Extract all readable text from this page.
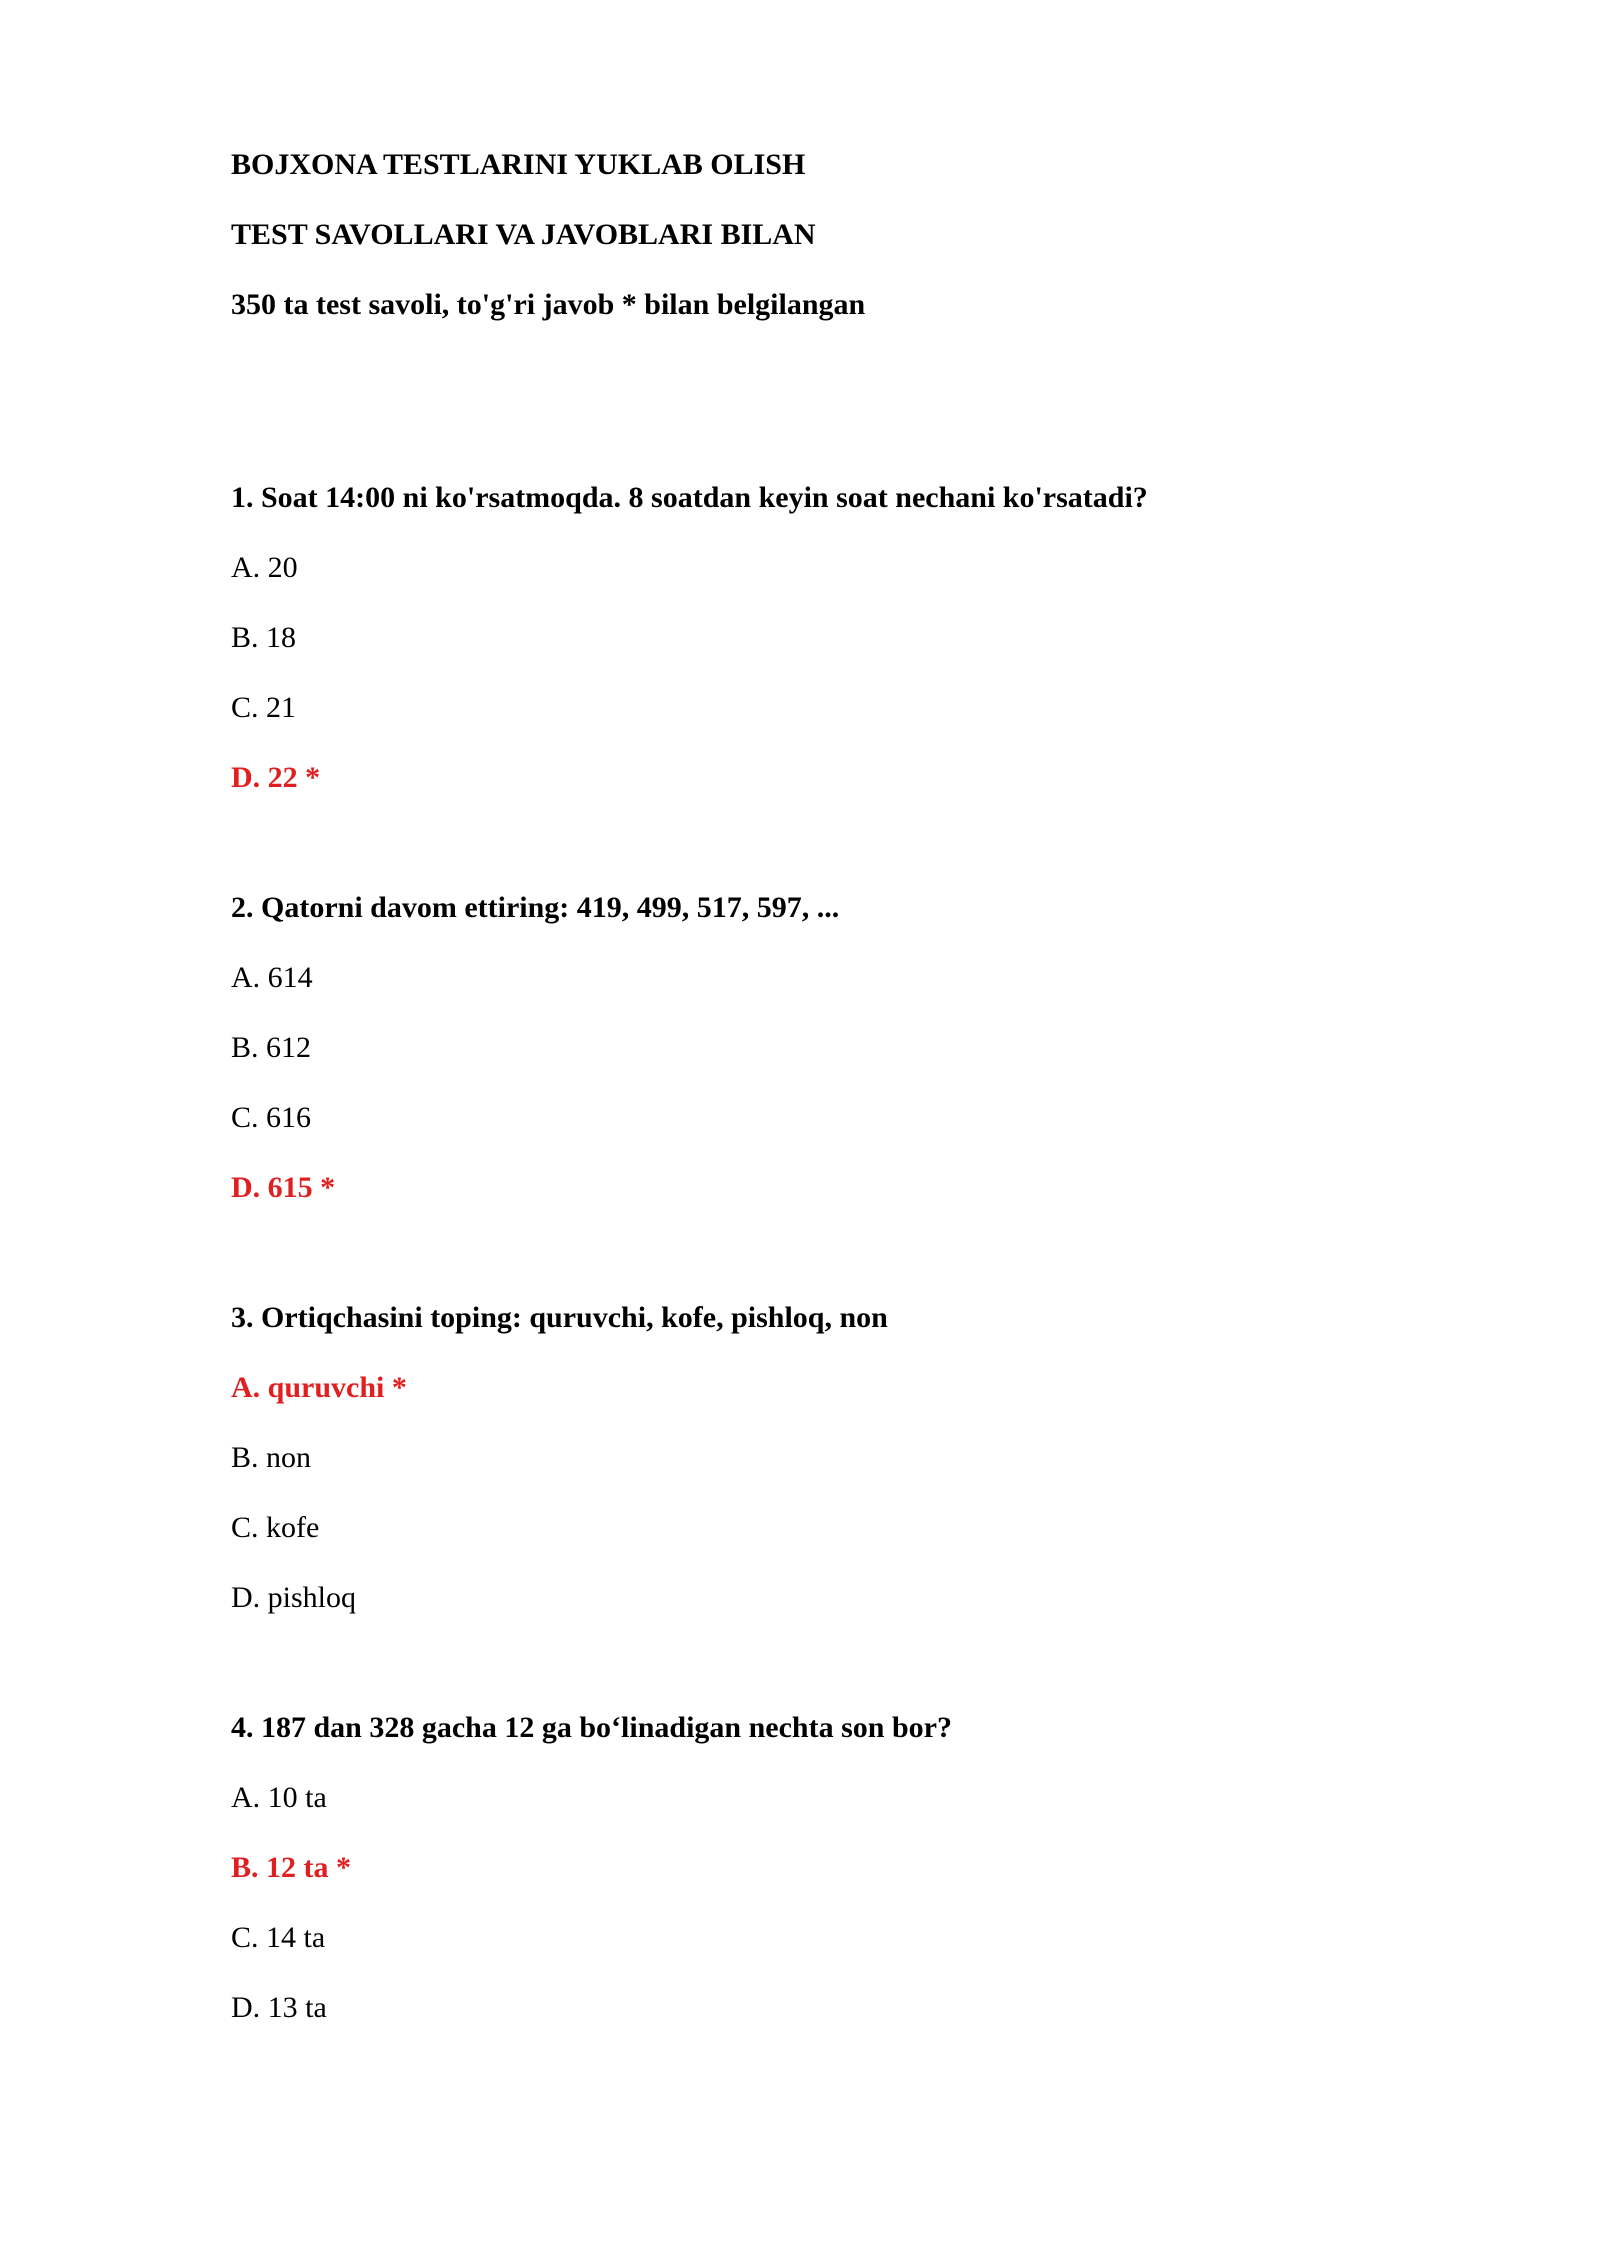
BOJXONA TESTLARINI YUKLAB OLISH

TEST SAVOLLARI VA JAVOBLARI BILAN

350 ta test savoli, to'g'ri javob * bilan belgilangan

1. Soat 14:00 ni ko'rsatmoqda. 8 soatdan keyin soat nechani ko'rsatadi?

A. 20

B. 18

C. 21

D. 22 *

2. Qatorni davom ettiring: 419, 499, 517, 597, ...

A. 614

B. 612

C. 616

D. 615 *

3. Ortiqchasini toping: quruvchi, kofe, pishloq, non

A. quruvchi *

B. non

C. kofe

D. pishloq

4. 187 dan 328 gacha 12 ga bo‘linadigan nechta son bor?

A. 10 ta

B. 12 ta *

C. 14 ta

D. 13 ta
